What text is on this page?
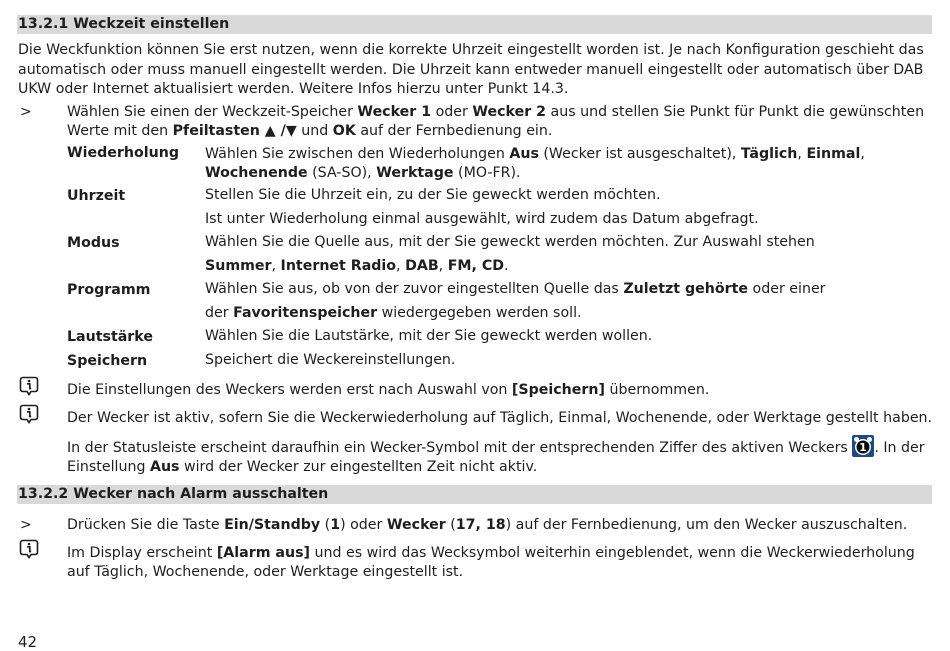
13.2.1 Weckzeit einstellen
Die Weckfunktion können Sie erst nutzen, wenn die korrekte Uhrzeit eingestellt worden ist. Je nach Konfiguration geschieht das automatisch oder muss manuell eingestellt werden. Die Uhrzeit kann entweder manuell eingestellt oder automatisch über DAB UKW oder Internet aktualisiert werden. Weitere Infos hierzu unter Punkt 14.3.
> Wählen Sie einen der Weckzeit-Speicher Wecker 1 oder Wecker 2 aus und stellen Sie Punkt für Punkt die gewünschten Werte mit den Pfeiltasten ▲ /▼ und OK auf der Fernbedienung ein.
Wiederholung Wählen Sie zwischen den Wiederholungen Aus (Wecker ist ausgeschaltet), Täglich, Einmal, Wochenende (SA-SO), Werktage (MO-FR).
Uhrzeit	Stellen Sie die Uhrzeit ein, zu der Sie geweckt werden möchten.
Ist unter Wiederholung einmal ausgewählt, wird zudem das Datum abgefragt.
Modus	Wählen Sie die Quelle aus, mit der Sie geweckt werden möchten. Zur Auswahl stehen Summer, Internet Radio, DAB, FM, CD.
Programm	Wählen Sie aus, ob von der zuvor eingestellten Quelle das Zuletzt gehörte oder einer der Favoritenspeicher wiedergegeben werden soll.
Lautstärke	Wählen Sie die Lautstärke, mit der Sie geweckt werden wollen.
Speichern	Speichert die Weckereinstellungen.
Die Einstellungen des Weckers werden erst nach Auswahl von [Speichern] übernommen.
Der Wecker ist aktiv, sofern Sie die Weckerwiederholung auf Täglich, Einmal, Wochenende, oder Werktage gestellt haben.
In der Statusleiste erscheint daraufhin ein Wecker-Symbol mit der entsprechenden Ziffer des aktiven Weckers 1 . In der Einstellung Aus wird der Wecker zur eingestellten Zeit nicht aktiv.
13.2.2 Wecker nach Alarm ausschalten
> Drücken Sie die Taste Ein/Standby (1) oder Wecker (17, 18) auf der Fernbedienung, um den Wecker auszuschalten.
Im Display erscheint [Alarm aus] und es wird das Wecksymbol weiterhin eingeblendet, wenn die Weckerwiederholung auf Täglich, Wochenende, oder Werktage eingestellt ist.
42
